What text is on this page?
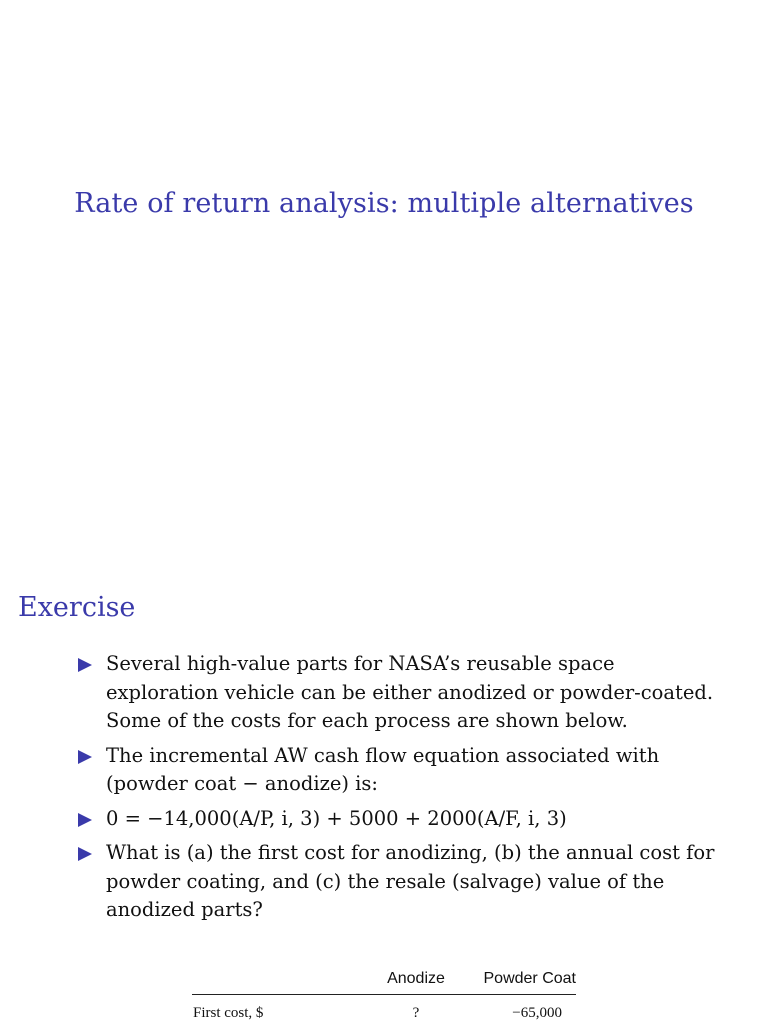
Rate of return analysis: multiple alternatives
Exercise
Several high-value parts for NASA’s reusable space exploration vehicle can be either anodized or powder-coated. Some of the costs for each process are shown below.
The incremental AW cash flow equation associated with (powder coat − anodize) is:
0 = −14,000(A/P, i, 3) + 5000 + 2000(A/F, i, 3)
What is (a) the first cost for anodizing, (b) the annual cost for powder coating, and (c) the resale (salvage) value of the anodized parts?
	Anodize	Powder Coat
First cost, $	?	−65,000
